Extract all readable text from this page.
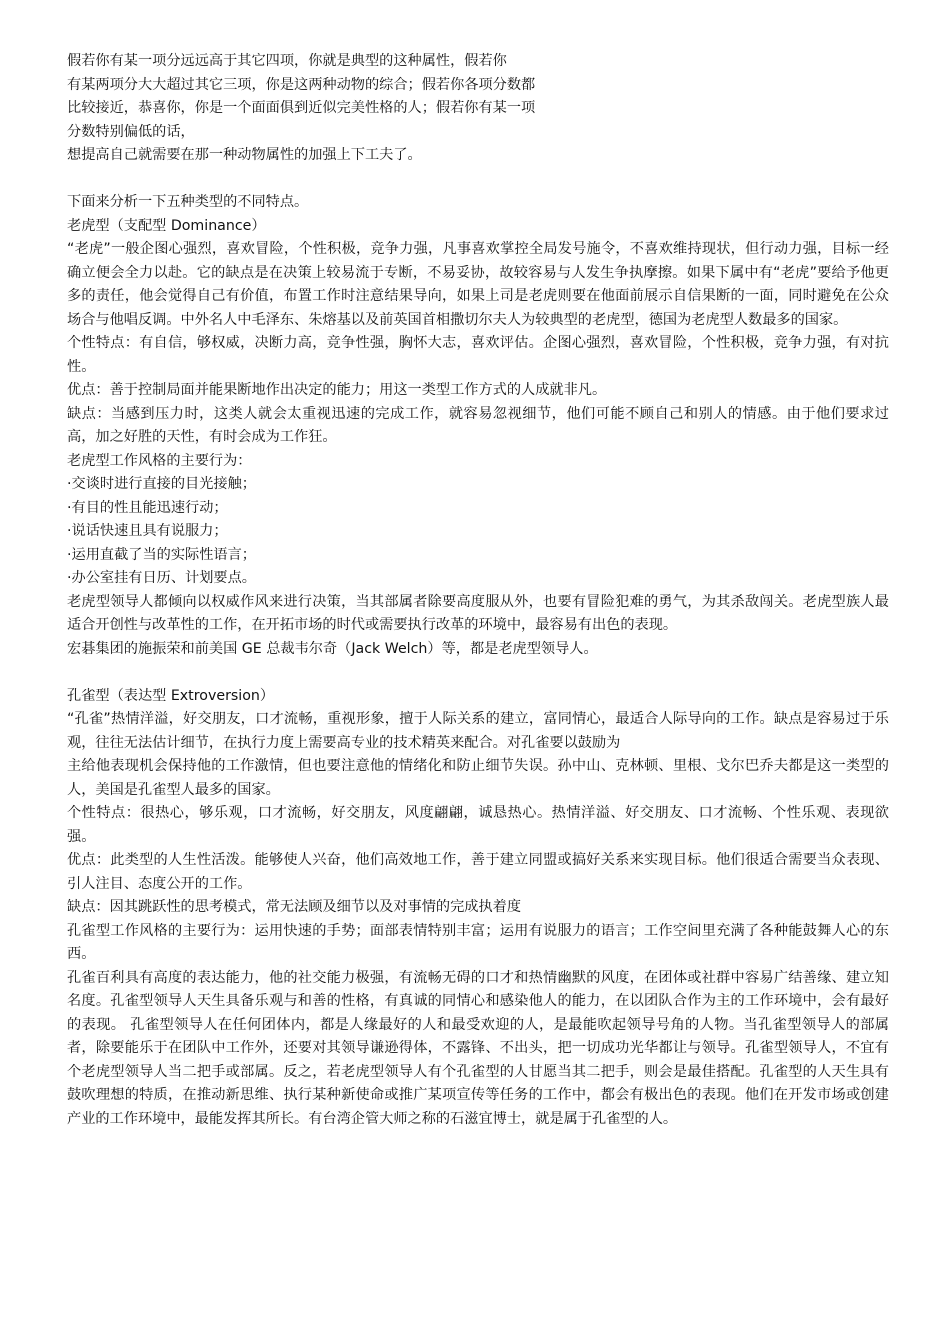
假若你有某一项分远远高于其它四项，你就是典型的这种属性，假若你
有某两项分大大超过其它三项，你是这两种动物的综合；假若你各项分数都
比较接近，恭喜你，你是一个面面俱到近似完美性格的人；假若你有某一项
分数特别偏低的话，
想提高自己就需要在那一种动物属性的加强上下工夫了。
下面来分析一下五种类型的不同特点。
老虎型（支配型 Dominance）
“老虎”一般企图心强烈，喜欢冒险，个性积极，竞争力强，凡事喜欢掌控全局发号施令，不喜欢维持现状，但行动力强，目标一经确立便会全力以赴。它的缺点是在决策上较易流于专断，不易妥协，故较容易与人发生争执摩擦。如果下属中有“老虎”要给予他更多的责任，他会觉得自己有价值，布置工作时注意结果导向，如果上司是老虎则要在他面前展示自信果断的一面，同时避免在公众场合与他唱反调。中外名人中毛泽东、朱熔基以及前英国首相撒切尔夫人为较典型的老虎型，德国为老虎型人数最多的国家。
个性特点：有自信，够权威，决断力高，竞争性强，胸怀大志，喜欢评估。企图心强烈，喜欢冒险，个性积极，竞争力强，有对抗性。
优点：善于控制局面并能果断地作出决定的能力；用这一类型工作方式的人成就非凡。
缺点：当感到压力时，这类人就会太重视迅速的完成工作，就容易忽视细节，他们可能不顾自己和别人的情感。由于他们要求过高，加之好胜的天性，有时会成为工作狂。
老虎型工作风格的主要行为：
·交谈时进行直接的目光接触；
·有目的性且能迅速行动；
·说话快速且具有说服力；
·运用直截了当的实际性语言；
·办公室挂有日历、计划要点。
老虎型领导人都倾向以权威作风来进行决策，当其部属者除要高度服从外，也要有冒险犯难的勇气，为其杀敌闯关。老虎型族人最适合开创性与改革性的工作，在开拓市场的时代或需要执行改革的环境中，最容易有出色的表现。
宏碁集团的施振荣和前美国 GE 总裁韦尔奇（Jack Welch）等，都是老虎型领导人。
孔雀型（表达型 Extroversion）
“孔雀”热情洋溢，好交朋友，口才流畅，重视形象，擅于人际关系的建立，富同情心，最适合人际导向的工作。缺点是容易过于乐观，往往无法估计细节，在执行力度上需要高专业的技术精英来配合。对孔雀要以鼓励为
主给他表现机会保持他的工作激情，但也要注意他的情绪化和防止细节失误。孙中山、克林顿、里根、戈尔巴乔夫都是这一类型的人，美国是孔雀型人最多的国家。
个性特点：很热心，够乐观，口才流畅，好交朋友，风度翩翩，诚恳热心。热情洋溢、好交朋友、口才流畅、个性乐观、表现欲强。
优点：此类型的人生性活泼。能够使人兴奋，他们高效地工作，善于建立同盟或搞好关系来实现目标。他们很适合需要当众表现、引人注目、态度公开的工作。
缺点：因其跳跃性的思考模式，常无法顾及细节以及对事情的完成执着度
孔雀型工作风格的主要行为：运用快速的手势；面部表情特别丰富；运用有说服力的语言；工作空间里充满了各种能鼓舞人心的东西。
孔雀百利具有高度的表达能力，他的社交能力极强，有流畅无碍的口才和热情幽默的风度，在团体或社群中容易广结善缘、建立知名度。孔雀型领导人天生具备乐观与和善的性格，有真诚的同情心和感染他人的能力，在以团队合作为主的工作环境中，会有最好的表现。 孔雀型领导人在任何团体内，都是人缘最好的人和最受欢迎的人，是最能吹起领导号角的人物。当孔雀型领导人的部属者，除要能乐于在团队中工作外，还要对其领导谦逊得体，不露锋、不出头，把一切成功光华都让与领导。孔雀型领导人，不宜有个老虎型领导人当二把手或部属。反之，若老虎型领导人有个孔雀型的人甘愿当其二把手，则会是最佳搭配。孔雀型的人天生具有鼓吹理想的特质，在推动新思维、执行某种新使命或推广某项宣传等任务的工作中，都会有极出色的表现。他们在开发市场或创建产业的工作环境中，最能发挥其所长。有台湾企管大师之称的石滋宜博士，就是属于孔雀型的人。
